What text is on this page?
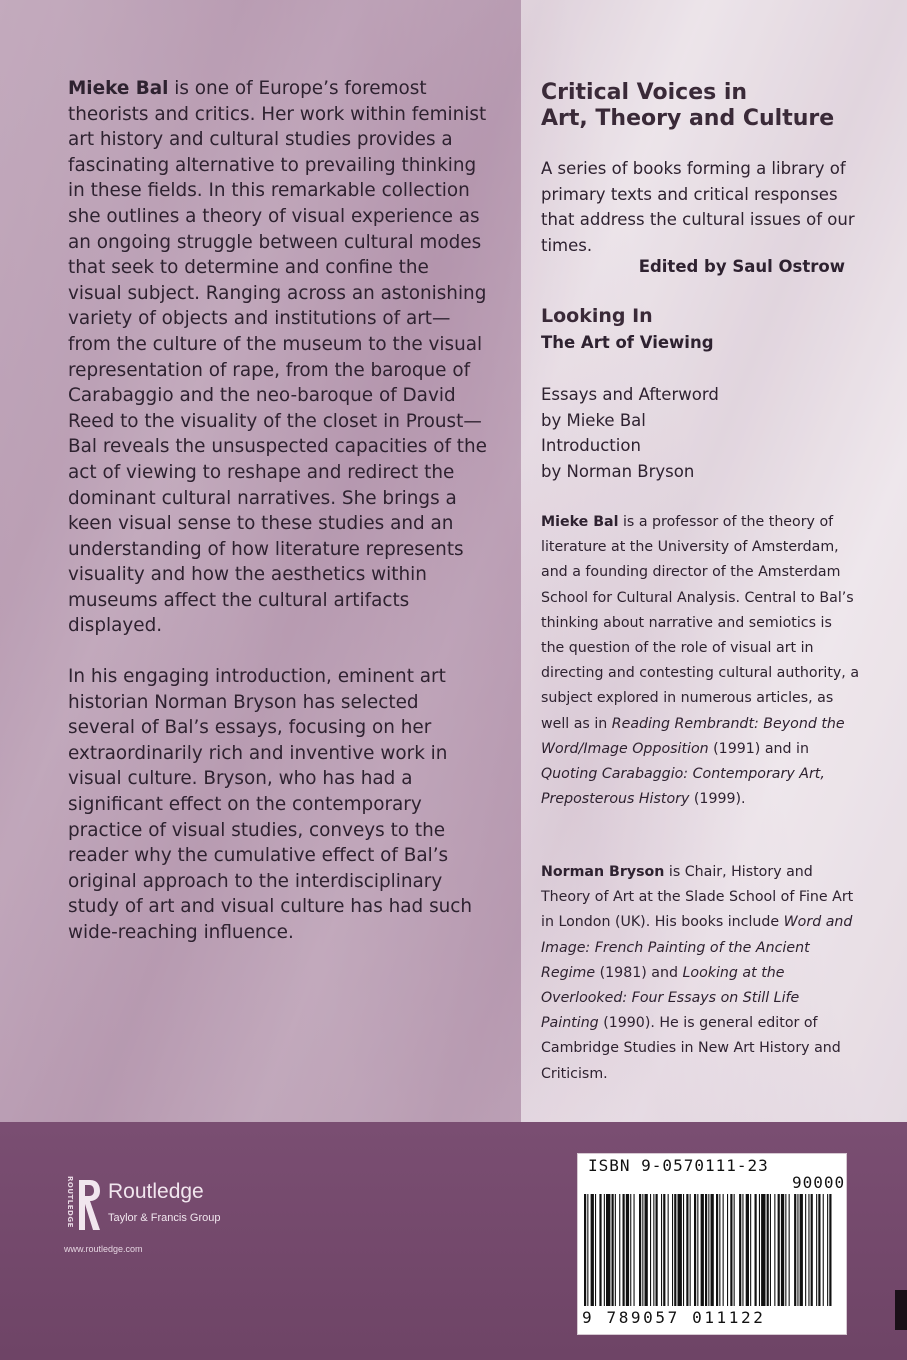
Mieke Bal is one of Europe’s foremost theorists and critics. Her work within feminist art history and cultural studies provides a fascinating alternative to prevailing thinking in these fields. In this remarkable collection she outlines a theory of visual experience as an ongoing struggle between cultural modes that seek to determine and confine the visual subject. Ranging across an astonishing variety of objects and institutions of art—from the culture of the museum to the visual representation of rape, from the baroque of Carabaggio and the neo-baroque of David Reed to the visuality of the closet in Proust—Bal reveals the unsuspected capacities of the act of viewing to reshape and redirect the dominant cultural narratives. She brings a keen visual sense to these studies and an understanding of how literature represents visuality and how the aesthetics within museums affect the cultural artifacts displayed.

In his engaging introduction, eminent art historian Norman Bryson has selected several of Bal’s essays, focusing on her extraordinarily rich and inventive work in visual culture. Bryson, who has had a significant effect on the contemporary practice of visual studies, conveys to the reader why the cumulative effect of Bal’s original approach to the interdisciplinary study of art and visual culture has had such wide-reaching influence.

Critical Voices in
Art, Theory and Culture
A series of books forming a library of primary texts and critical responses that address the cultural issues of our times.
Edited by Saul Ostrow
Looking In
The Art of Viewing
Essays and Afterword
by Mieke Bal
Introduction
by Norman Bryson
Mieke Bal is a professor of the theory of literature at the University of Amsterdam, and a founding director of the Amsterdam School for Cultural Analysis. Central to Bal’s thinking about narrative and semiotics is the question of the role of visual art in directing and contesting cultural authority, a subject explored in numerous articles, as well as in Reading Rembrandt: Beyond the Word/Image Opposition (1991) and in Quoting Carabaggio: Contemporary Art, Preposterous History (1999).
Norman Bryson is Chair, History and Theory of Art at the Slade School of Fine Art in London (UK). His books include Word and Image: French Painting of the Ancient Regime (1981) and Looking at the Overlooked: Four Essays on Still Life Painting (1990). He is general editor of Cambridge Studies in New Art History and Criticism.
ROUTLEDGE Routledge
Taylor & Francis Group
www.routledge.com
ISBN 9-0570111-23
90000
9 789057 011122
